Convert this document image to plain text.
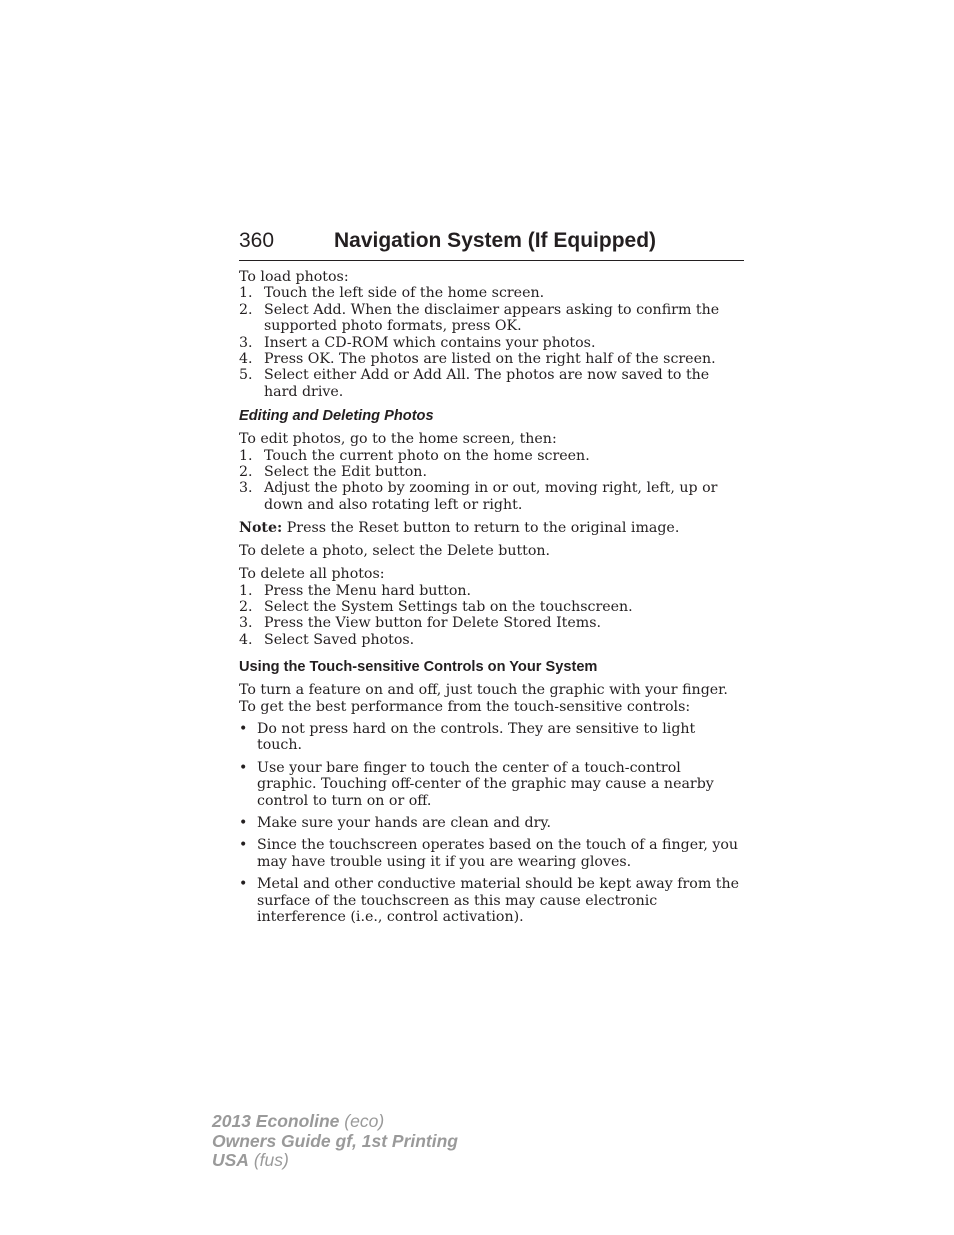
360	Navigation System (If Equipped)

To load photos:

1. Touch the left side of the home screen.
2. Select Add. When the disclaimer appears asking to confirm the supported photo formats, press OK.
3. Insert a CD-ROM which contains your photos.
4. Press OK. The photos are listed on the right half of the screen.
5. Select either Add or Add All. The photos are now saved to the hard drive.
Editing and Deleting Photos

To edit photos, go to the home screen, then:

1. Touch the current photo on the home screen.
2. Select the Edit button.
3. Adjust the photo by zooming in or out, moving right, left, up or down and also rotating left or right.

Note: Press the Reset button to return to the original image.

To delete a photo, select the Delete button.

To delete all photos:

1. Press the Menu hard button.
2. Select the System Settings tab on the touchscreen.
3. Press the View button for Delete Stored Items.
4. Select Saved photos.
Using the Touch-sensitive Controls on Your System

To turn a feature on and off, just touch the graphic with your finger. To get the best performance from the touch-sensitive controls:

• Do not press hard on the controls. They are sensitive to light touch.
• Use your bare finger to touch the center of a touch-control graphic. Touching off-center of the graphic may cause a nearby control to turn on or off.
• Make sure your hands are clean and dry.
• Since the touchscreen operates based on the touch of a finger, you may have trouble using it if you are wearing gloves.
• Metal and other conductive material should be kept away from the surface of the touchscreen as this may cause electronic interference (i.e., control activation).
2013 Econoline (eco)
Owners Guide gf, 1st Printing
USA (fus)
